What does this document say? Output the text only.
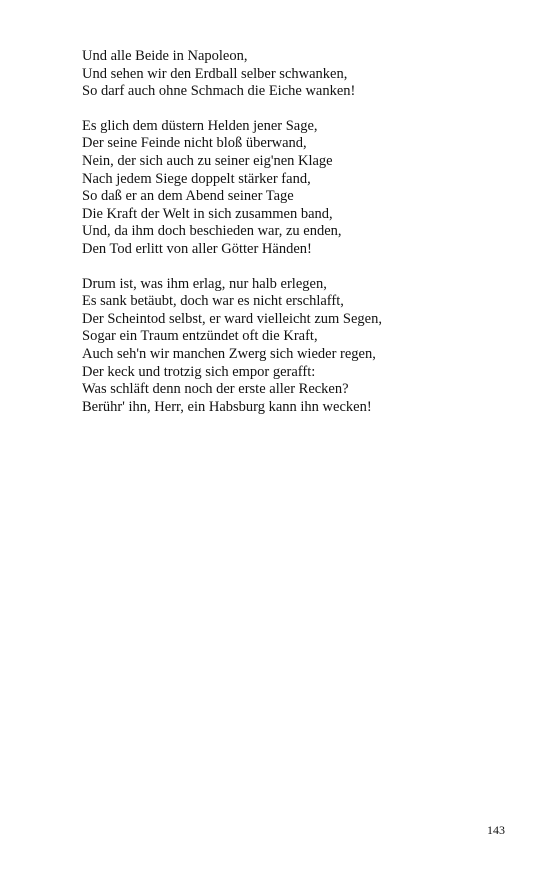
Und alle Beide in Napoleon,
Und sehen wir den Erdball selber schwanken,
So darf auch ohne Schmach die Eiche wanken!
Es glich dem düstern Helden jener Sage,
Der seine Feinde nicht bloß überwand,
Nein, der sich auch zu seiner eig'nen Klage
Nach jedem Siege doppelt stärker fand,
So daß er an dem Abend seiner Tage
Die Kraft der Welt in sich zusammen band,
Und, da ihm doch beschieden war, zu enden,
Den Tod erlitt von aller Götter Händen!
Drum ist, was ihm erlag, nur halb erlegen,
Es sank betäubt, doch war es nicht erschlafft,
Der Scheintod selbst, er ward vielleicht zum Segen,
Sogar ein Traum entzündet oft die Kraft,
Auch seh'n wir manchen Zwerg sich wieder regen,
Der keck und trotzig sich empor gerafft:
Was schläft denn noch der erste aller Recken?
Berühr' ihn, Herr, ein Habsburg kann ihn wecken!
143
